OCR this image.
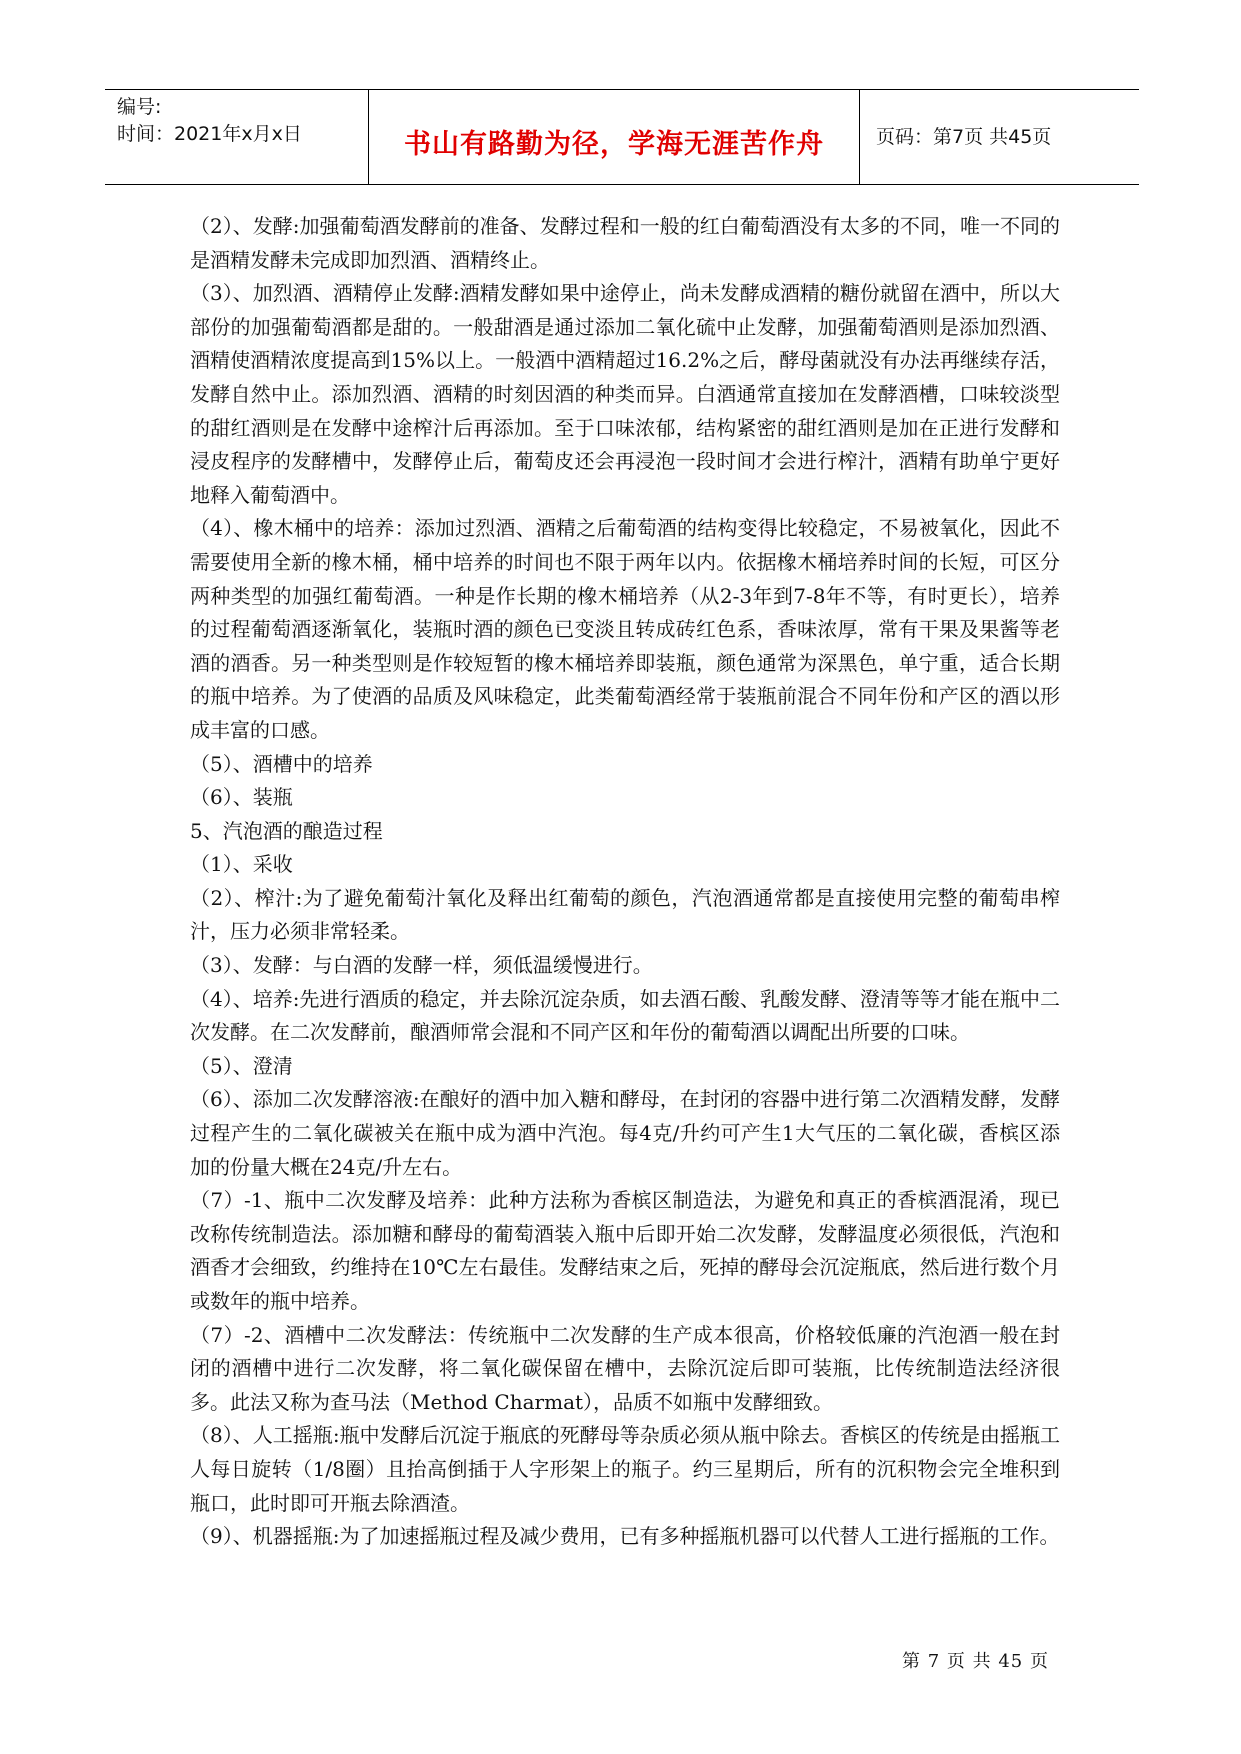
编号:
时间：2021年x月x日	书山有路勤为径，学海无涯苦作舟	页码：第7页 共45页

（2）、发酵:加强葡萄酒发酵前的准备、发酵过程和一般的红白葡萄酒没有太多的不同，唯一不同的是酒精发酵未完成即加烈酒、酒精终止。

（3）、加烈酒、酒精停止发酵:酒精发酵如果中途停止，尚未发酵成酒精的糖份就留在酒中，所以大部份的加强葡萄酒都是甜的。一般甜酒是通过添加二氧化硫中止发酵，加强葡萄酒则是添加烈酒、酒精使酒精浓度提高到15%以上。一般酒中酒精超过16.2%之后，酵母菌就没有办法再继续存活，发酵自然中止。添加烈酒、酒精的时刻因酒的种类而异。白酒通常直接加在发酵酒槽，口味较淡型的甜红酒则是在发酵中途榨汁后再添加。至于口味浓郁，结构紧密的甜红酒则是加在正进行发酵和浸皮程序的发酵槽中，发酵停止后，葡萄皮还会再浸泡一段时间才会进行榨汁，酒精有助单宁更好地释入葡萄酒中。

（4）、橡木桶中的培养：添加过烈酒、酒精之后葡萄酒的结构变得比较稳定，不易被氧化，因此不需要使用全新的橡木桶，桶中培养的时间也不限于两年以内。依据橡木桶培养时间的长短，可区分两种类型的加强红葡萄酒。一种是作长期的橡木桶培养（从2-3年到7-8年不等，有时更长），培养的过程葡萄酒逐渐氧化，装瓶时酒的颜色已变淡且转成砖红色系，香味浓厚，常有干果及果酱等老酒的酒香。另一种类型则是作较短暂的橡木桶培养即装瓶，颜色通常为深黑色，单宁重，适合长期的瓶中培养。为了使酒的品质及风味稳定，此类葡萄酒经常于装瓶前混合不同年份和产区的酒以形成丰富的口感。

（5）、酒槽中的培养

（6）、装瓶

5、汽泡酒的酿造过程

（1）、采收

（2）、榨汁:为了避免葡萄汁氧化及释出红葡萄的颜色，汽泡酒通常都是直接使用完整的葡萄串榨汁，压力必须非常轻柔。

（3）、发酵：与白酒的发酵一样，须低温缓慢进行。

（4）、培养:先进行酒质的稳定，并去除沉淀杂质，如去酒石酸、乳酸发酵、澄清等等才能在瓶中二次发酵。在二次发酵前，酿酒师常会混和不同产区和年份的葡萄酒以调配出所要的口味。

（5）、澄清

（6）、添加二次发酵溶液:在酿好的酒中加入糖和酵母，在封闭的容器中进行第二次酒精发酵，发酵过程产生的二氧化碳被关在瓶中成为酒中汽泡。每4克/升约可产生1大气压的二氧化碳，香槟区添加的份量大概在24克/升左右。

（7）-1、瓶中二次发酵及培养：此种方法称为香槟区制造法，为避免和真正的香槟酒混淆，现已改称传统制造法。添加糖和酵母的葡萄酒装入瓶中后即开始二次发酵，发酵温度必须很低，汽泡和酒香才会细致，约维持在10℃左右最佳。发酵结束之后，死掉的酵母会沉淀瓶底，然后进行数个月或数年的瓶中培养。

（7）-2、酒槽中二次发酵法：传统瓶中二次发酵的生产成本很高，价格较低廉的汽泡酒一般在封闭的酒槽中进行二次发酵，将二氧化碳保留在槽中，去除沉淀后即可装瓶，比传统制造法经济很多。此法又称为查马法（Method Charmat），品质不如瓶中发酵细致。

（8）、人工摇瓶:瓶中发酵后沉淀于瓶底的死酵母等杂质必须从瓶中除去。香槟区的传统是由摇瓶工人每日旋转（1/8圈）且抬高倒插于人字形架上的瓶子。约三星期后，所有的沉积物会完全堆积到瓶口，此时即可开瓶去除酒渣。

（9）、机器摇瓶:为了加速摇瓶过程及减少费用，已有多种摇瓶机器可以代替人工进行摇瓶的工作。

第 7 页 共 45 页
